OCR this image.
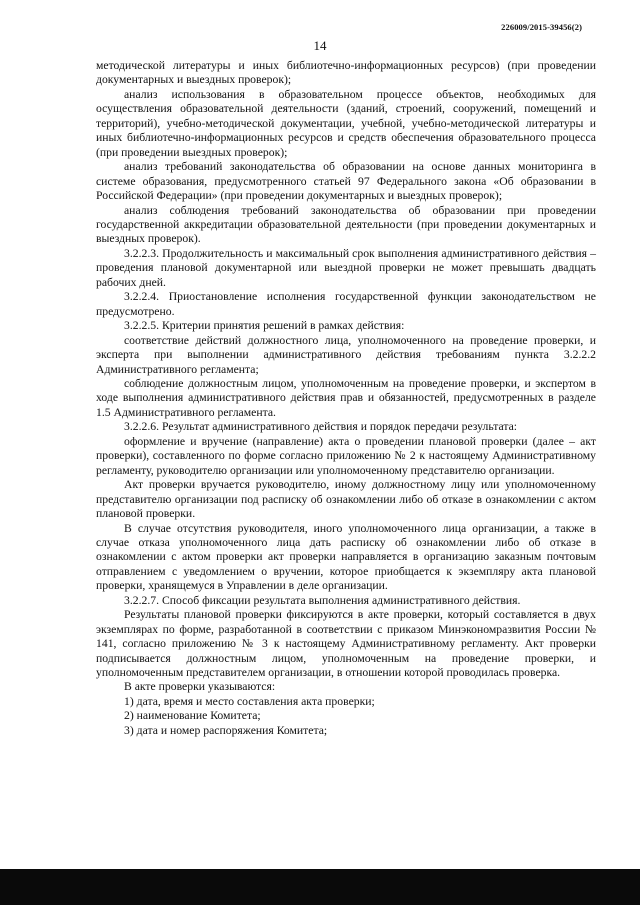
226009/2015-39456(2)
14

методической литературы и иных библиотечно-информационных ресурсов) (при проведении документарных и выездных проверок);

анализ использования в образовательном процессе объектов, необходимых для осуществления образовательной деятельности (зданий, строений, сооружений, помещений и территорий), учебно-методической документации, учебной, учебно-методической литературы и иных библиотечно-информационных ресурсов и средств обеспечения образовательного процесса (при проведении выездных проверок);

анализ требований законодательства об образовании на основе данных мониторинга в системе образования, предусмотренного статьей 97 Федерального закона «Об образовании в Российской Федерации» (при проведении документарных и выездных проверок);

анализ соблюдения требований законодательства об образовании при проведении государственной аккредитации образовательной деятельности (при проведении документарных и выездных проверок).

3.2.2.3. Продолжительность и максимальный срок выполнения административного действия – проведения плановой документарной или выездной проверки не может превышать двадцать рабочих дней.

3.2.2.4. Приостановление исполнения государственной функции законодательством не предусмотрено.

3.2.2.5. Критерии принятия решений в рамках действия:

соответствие действий должностного лица, уполномоченного на проведение проверки, и эксперта при выполнении административного действия требованиям пункта 3.2.2.2 Административного регламента;

соблюдение должностным лицом, уполномоченным на проведение проверки, и экспертом в ходе выполнения административного действия прав и обязанностей, предусмотренных в разделе 1.5 Административного регламента.

3.2.2.6. Результат административного действия и порядок передачи результата:

оформление и вручение (направление) акта о проведении плановой проверки (далее – акт проверки), составленного по форме согласно приложению № 2 к настоящему Административному регламенту, руководителю организации или уполномоченному представителю организации.

Акт проверки вручается руководителю, иному должностному лицу или уполномоченному представителю организации под расписку об ознакомлении либо об отказе в ознакомлении с актом плановой проверки.

В случае отсутствия руководителя, иного уполномоченного лица организации, а также в случае отказа уполномоченного лица дать расписку об ознакомлении либо об отказе в ознакомлении с актом проверки акт проверки направляется в организацию заказным почтовым отправлением с уведомлением о вручении, которое приобщается к экземпляру акта плановой проверки, хранящемуся в Управлении в деле организации.

3.2.2.7. Способ фиксации результата выполнения административного действия.

Результаты плановой проверки фиксируются в акте проверки, который составляется в двух экземплярах по форме, разработанной в соответствии с приказом Минэкономразвития России № 141, согласно приложению № 3 к настоящему Административному регламенту. Акт проверки подписывается должностным лицом, уполномоченным на проведение проверки, и уполномоченным представителем организации, в отношении которой проводилась проверка.

В акте проверки указываются:

1) дата, время и место составления акта проверки;

2) наименование Комитета;

3) дата и номер распоряжения Комитета;
